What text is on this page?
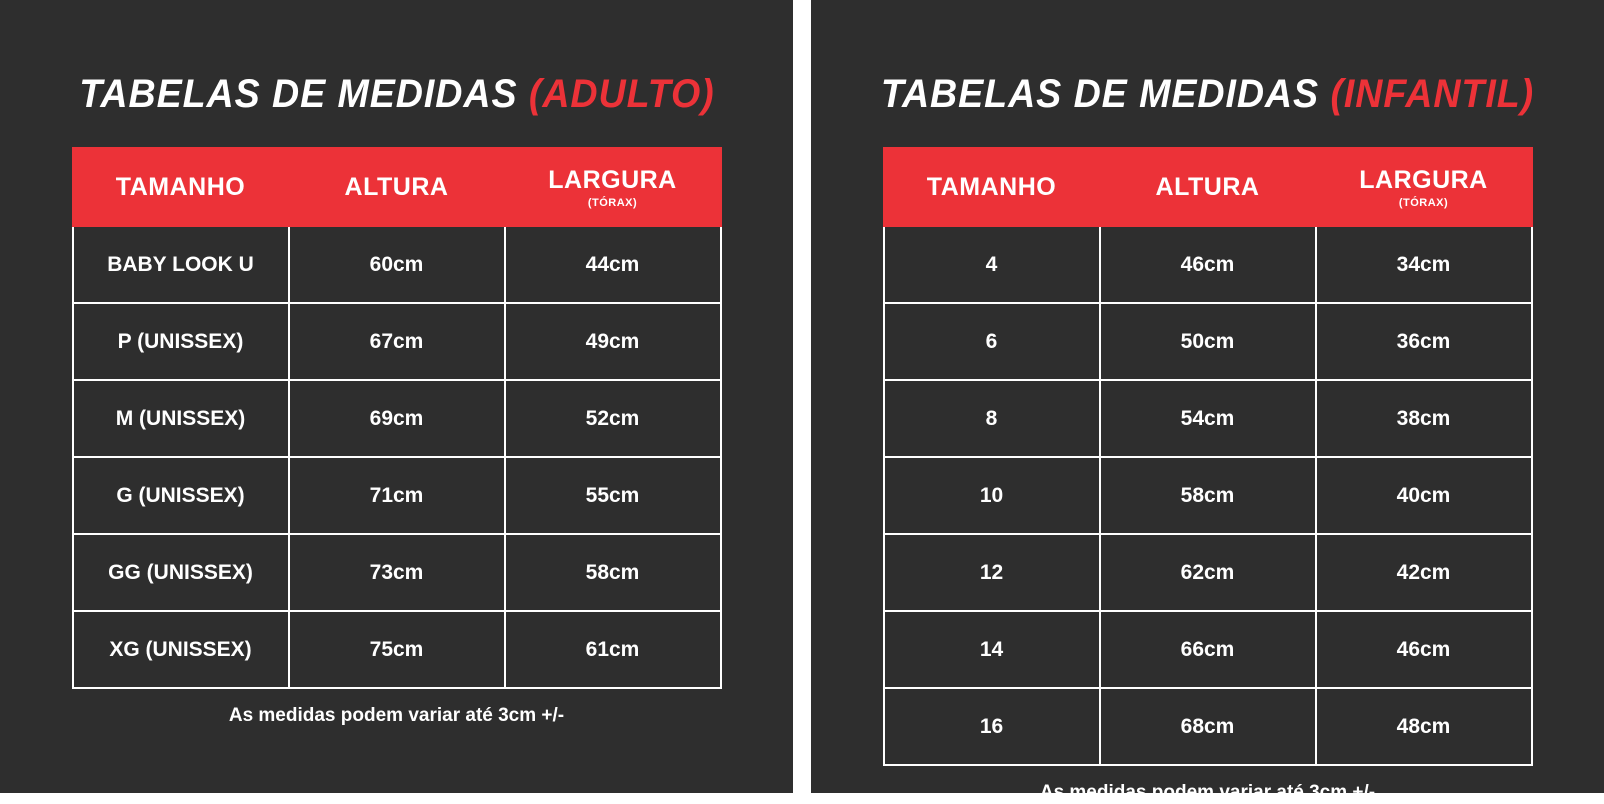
TABELAS DE MEDIDAS (ADULTO)
TAMANHO	ALTURA	LARGURA
(TÓRAX)

BABY LOOK U	60cm	44cm
P (UNISSEX)	67cm	49cm
M (UNISSEX)	69cm	52cm
G (UNISSEX)	71cm	55cm
GG (UNISSEX)	73cm	58cm
XG (UNISSEX)	75cm	61cm
As medidas podem variar até 3cm +/-
TABELAS DE MEDIDAS (INFANTIL)
TAMANHO	ALTURA	LARGURA
(TÓRAX)

4	46cm	34cm
6	50cm	36cm
8	54cm	38cm
10	58cm	40cm
12	62cm	42cm
14	66cm	46cm
16	68cm	48cm
As medidas podem variar até 3cm +/-
